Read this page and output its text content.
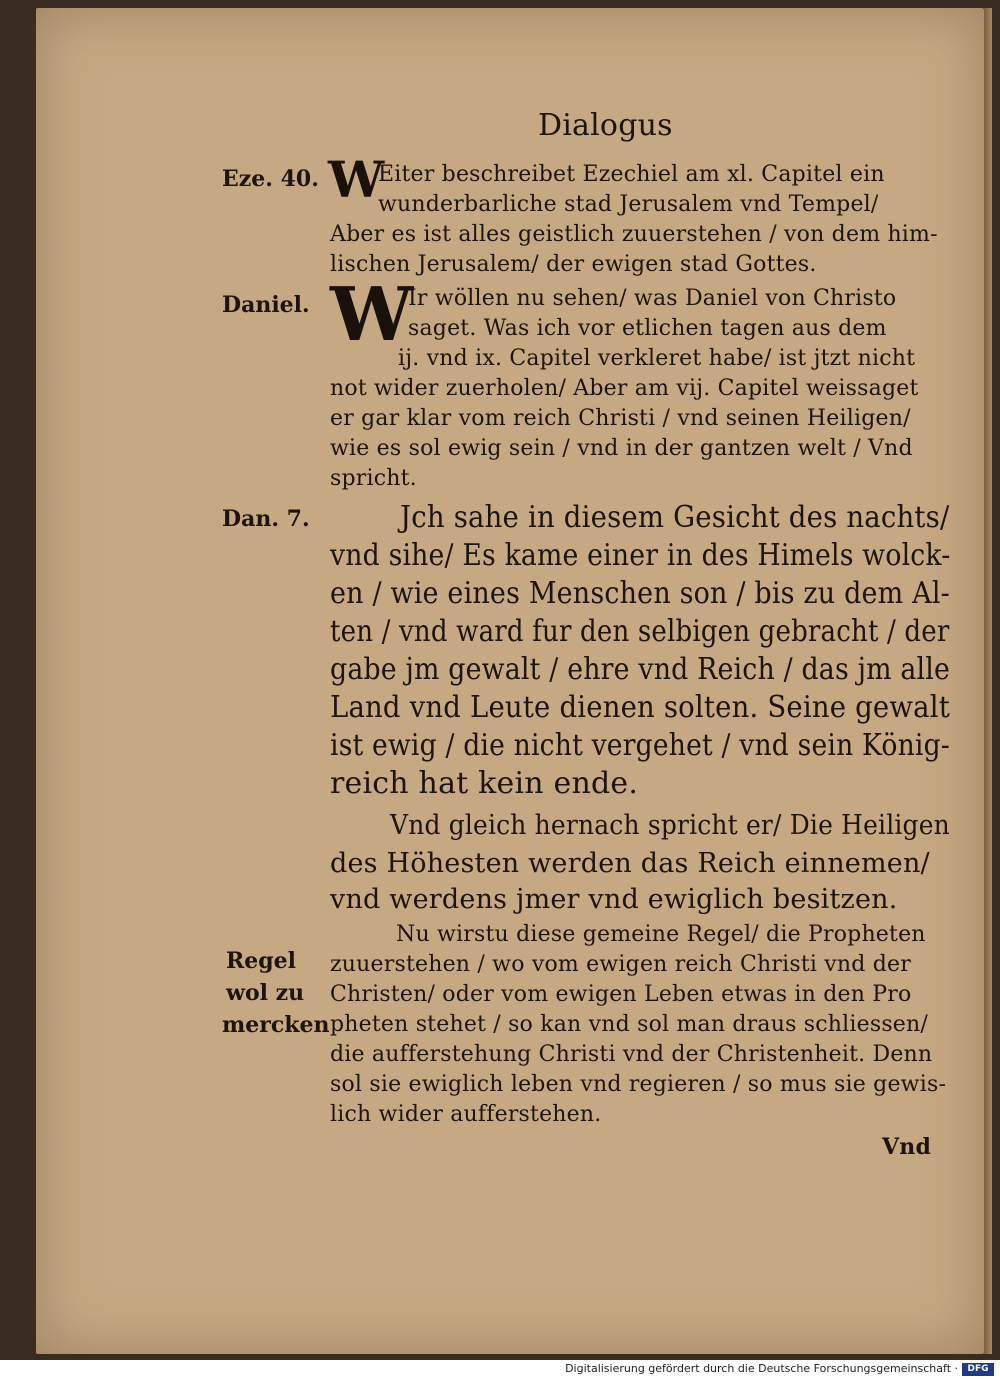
Dialogus
Eze. 40.
Daniel.
Dan. 7.
Regel
wol zu
mercken
W
W
Eiter beschreibet Ezechiel am xl. Capitel ein
wunderbarliche stad Jerusalem vnd Tempel/
Aber es ist alles geistlich zuuerstehen / von dem him-
lischen Jerusalem/ der ewigen stad Gottes.
Ir wöllen nu sehen/ was Daniel von Christo
saget. Was ich vor etlichen tagen aus dem
ij. vnd ix. Capitel verkleret habe/ ist jtzt nicht
not wider zuerholen/ Aber am vij. Capitel weissaget
er gar klar vom reich Christi / vnd seinen Heiligen/
wie es sol ewig sein / vnd in der gantzen welt / Vnd
spricht.
Jch sahe in diesem Gesicht des nachts/
vnd sihe/ Es kame einer in des Himels wolck-
en / wie eines Menschen son / bis zu dem Al-
ten / vnd ward fur den selbigen gebracht / der
gabe jm gewalt / ehre vnd Reich / das jm alle
Land vnd Leute dienen solten. Seine gewalt
ist ewig / die nicht vergehet / vnd sein König-
reich hat kein ende.
Vnd gleich hernach spricht er/ Die Heiligen
des Höhesten werden das Reich einnemen/
vnd werdens jmer vnd ewiglich besitzen.
Nu wirstu diese gemeine Regel/ die Propheten
zuuerstehen / wo vom ewigen reich Christi vnd der
Christen/ oder vom ewigen Leben etwas in den Pro
pheten stehet / so kan vnd sol man draus schliessen/
die aufferstehung Christi vnd der Christenheit. Denn
sol sie ewiglich leben vnd regieren / so mus sie gewis-
lich wider aufferstehen.
Vnd
Digitalisierung gefördert durch die Deutsche Forschungsgemeinschaft ·	DFG
